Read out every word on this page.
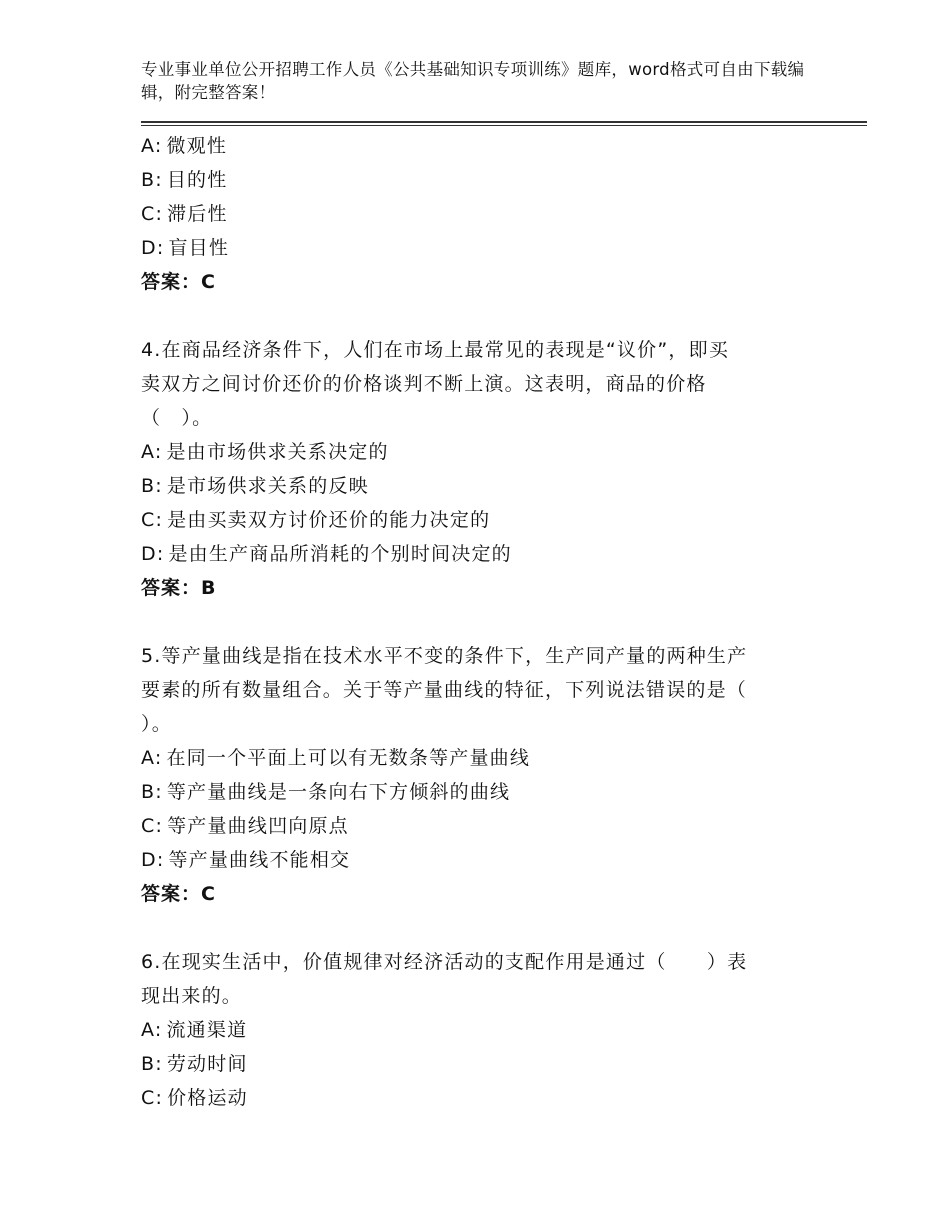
专业事业单位公开招聘工作人员《公共基础知识专项训练》题库，word格式可自由下载编辑，附完整答案！
A: 微观性
B: 目的性
C: 滞后性
D: 盲目性
答案：C
4.在商品经济条件下，人们在市场上最常见的表现是“议价”，即买
卖双方之间讨价还价的价格谈判不断上演。这表明，商品的价格
（　）。
A: 是由市场供求关系决定的
B: 是市场供求关系的反映
C: 是由买卖双方讨价还价的能力决定的
D: 是由生产商品所消耗的个别时间决定的
答案：B
5.等产量曲线是指在技术水平不变的条件下，生产同产量的两种生产
要素的所有数量组合。关于等产量曲线的特征，下列说法错误的是（
）。
A: 在同一个平面上可以有无数条等产量曲线
B: 等产量曲线是一条向右下方倾斜的曲线
C: 等产量曲线凹向原点
D: 等产量曲线不能相交
答案：C
6.在现实生活中，价值规律对经济活动的支配作用是通过（　　）表
现出来的。
A: 流通渠道
B: 劳动时间
C: 价格运动
